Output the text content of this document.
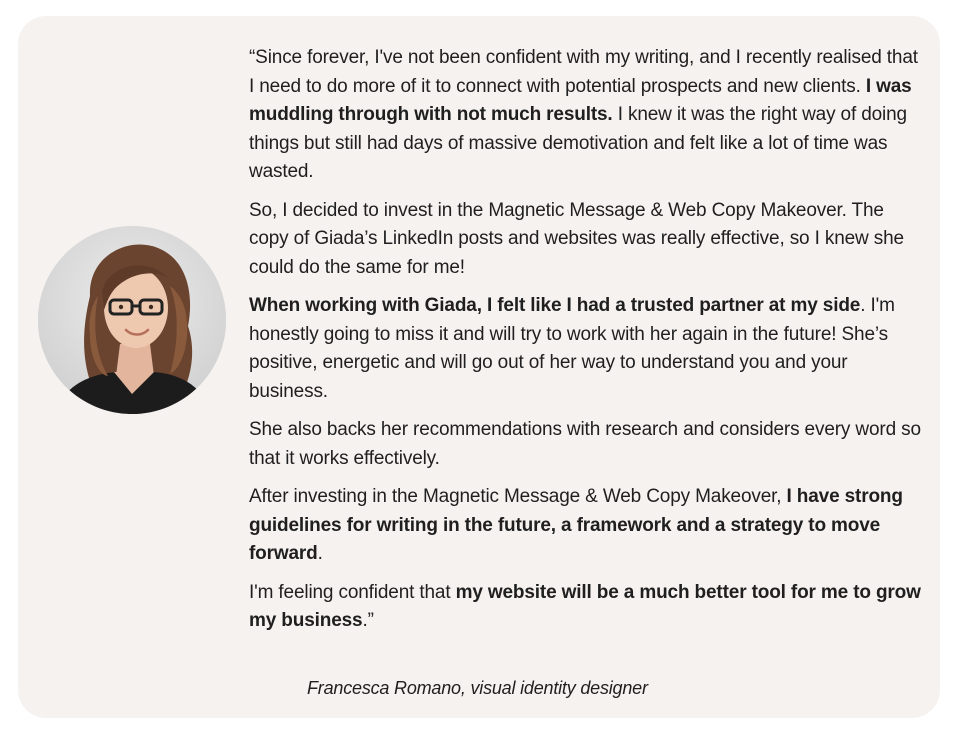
“Since forever, I've not been confident with my writing, and I recently realised that I need to do more of it to connect with potential prospects and new clients. I was muddling through with not much results. I knew it was the right way of doing things but still had days of massive demotivation and felt like a lot of time was wasted.

So, I decided to invest in the Magnetic Message & Web Copy Makeover. The copy of Giada’s LinkedIn posts and websites was really effective, so I knew she could do the same for me!

When working with Giada, I felt like I had a trusted partner at my side. I'm honestly going to miss it and will try to work with her again in the future! She’s positive, energetic and will go out of her way to understand you and your business.

She also backs her recommendations with research and considers every word so that it works effectively.

After investing in the Magnetic Message & Web Copy Makeover, I have strong guidelines for writing in the future, a framework and a strategy to move forward.

I'm feeling confident that my website will be a much better tool for me to grow my business.”

Francesca Romano, visual identity designer
